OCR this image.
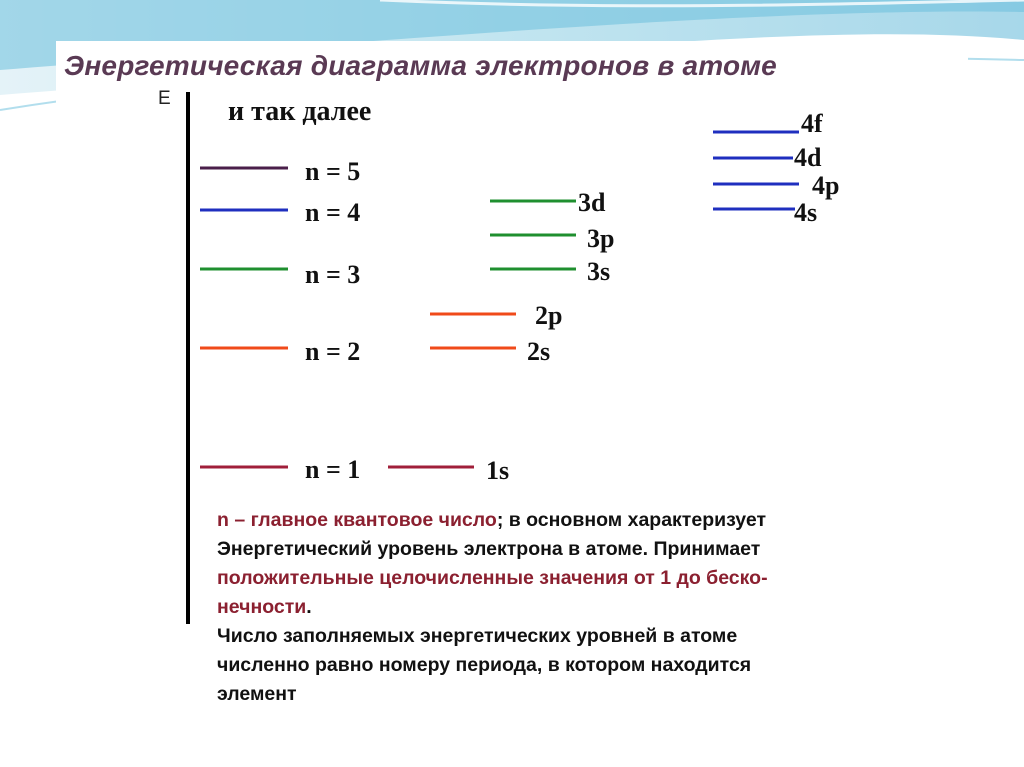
Энергетическая диаграмма электронов в атоме
E и так далее
n = 5
n = 4
n = 3
n = 2
n = 1	1s
2s
2p
3s
3p
3d	4s
4p
4d
4f
n – главное квантовое число; в основном характеризует
Энергетический уровень электрона в атоме. Принимает
положительные целочисленные значения от 1 до беско-
нечности.
Число заполняемых энергетических уровней в атоме
численно равно номеру периода, в котором находится
элемент
